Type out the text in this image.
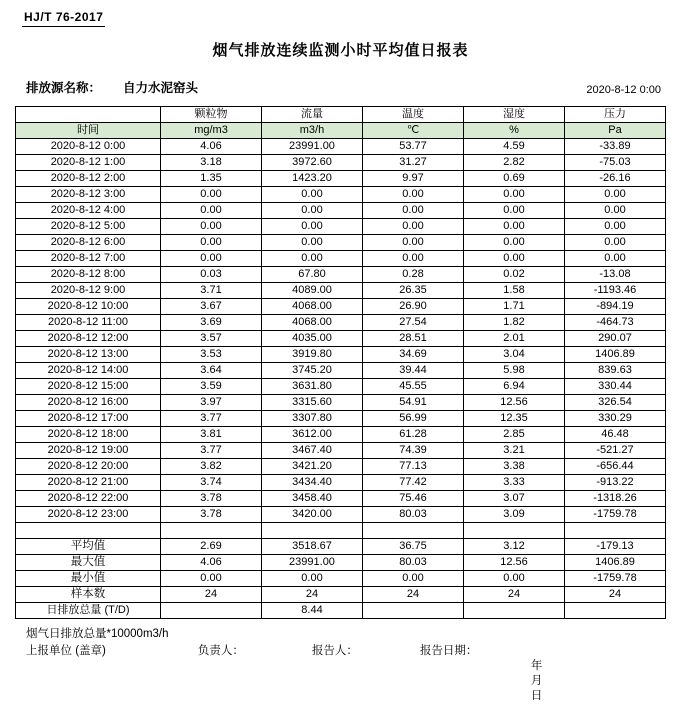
HJ/T 76-2017
烟气排放连续监测小时平均值日报表
排放源名称： 自力水泥窑头	2020-8-12 0:00
	颗粒物	流量	温度	湿度	压力
时间	mg/m3	m3/h	℃	%	Pa
2020-8-12 0:00	4.06	23991.00	53.77	4.59	-33.89
2020-8-12 1:00	3.18	3972.60	31.27	2.82	-75.03
2020-8-12 2:00	1.35	1423.20	9.97	0.69	-26.16
2020-8-12 3:00	0.00	0.00	0.00	0.00	0.00
2020-8-12 4:00	0.00	0.00	0.00	0.00	0.00
2020-8-12 5:00	0.00	0.00	0.00	0.00	0.00
2020-8-12 6:00	0.00	0.00	0.00	0.00	0.00
2020-8-12 7:00	0.00	0.00	0.00	0.00	0.00
2020-8-12 8:00	0.03	67.80	0.28	0.02	-13.08
2020-8-12 9:00	3.71	4089.00	26.35	1.58	-1193.46
2020-8-12 10:00	3.67	4068.00	26.90	1.71	-894.19
2020-8-12 11:00	3.69	4068.00	27.54	1.82	-464.73
2020-8-12 12:00	3.57	4035.00	28.51	2.01	290.07
2020-8-12 13:00	3.53	3919.80	34.69	3.04	1406.89
2020-8-12 14:00	3.64	3745.20	39.44	5.98	839.63
2020-8-12 15:00	3.59	3631.80	45.55	6.94	330.44
2020-8-12 16:00	3.97	3315.60	54.91	12.56	326.54
2020-8-12 17:00	3.77	3307.80	56.99	12.35	330.29
2020-8-12 18:00	3.81	3612.00	61.28	2.85	46.48
2020-8-12 19:00	3.77	3467.40	74.39	3.21	-521.27
2020-8-12 20:00	3.82	3421.20	77.13	3.38	-656.44
2020-8-12 21:00	3.74	3434.40	77.42	3.33	-913.22
2020-8-12 22:00	3.78	3458.40	75.46	3.07	-1318.26
2020-8-12 23:00	3.78	3420.00	80.03	3.09	-1759.78

平均值	2.69	3518.67	36.75	3.12	-179.13
最大值	4.06	23991.00	80.03	12.56	1406.89
最小值	0.00	0.00	0.00	0.00	-1759.78
样本数	24	24	24	24	24
日排放总量 (T/D)		8.44			
烟气日排放总量*10000m3/h
上报单位 (盖章)	负责人：	报告人：	报告日期：

年
月
日
